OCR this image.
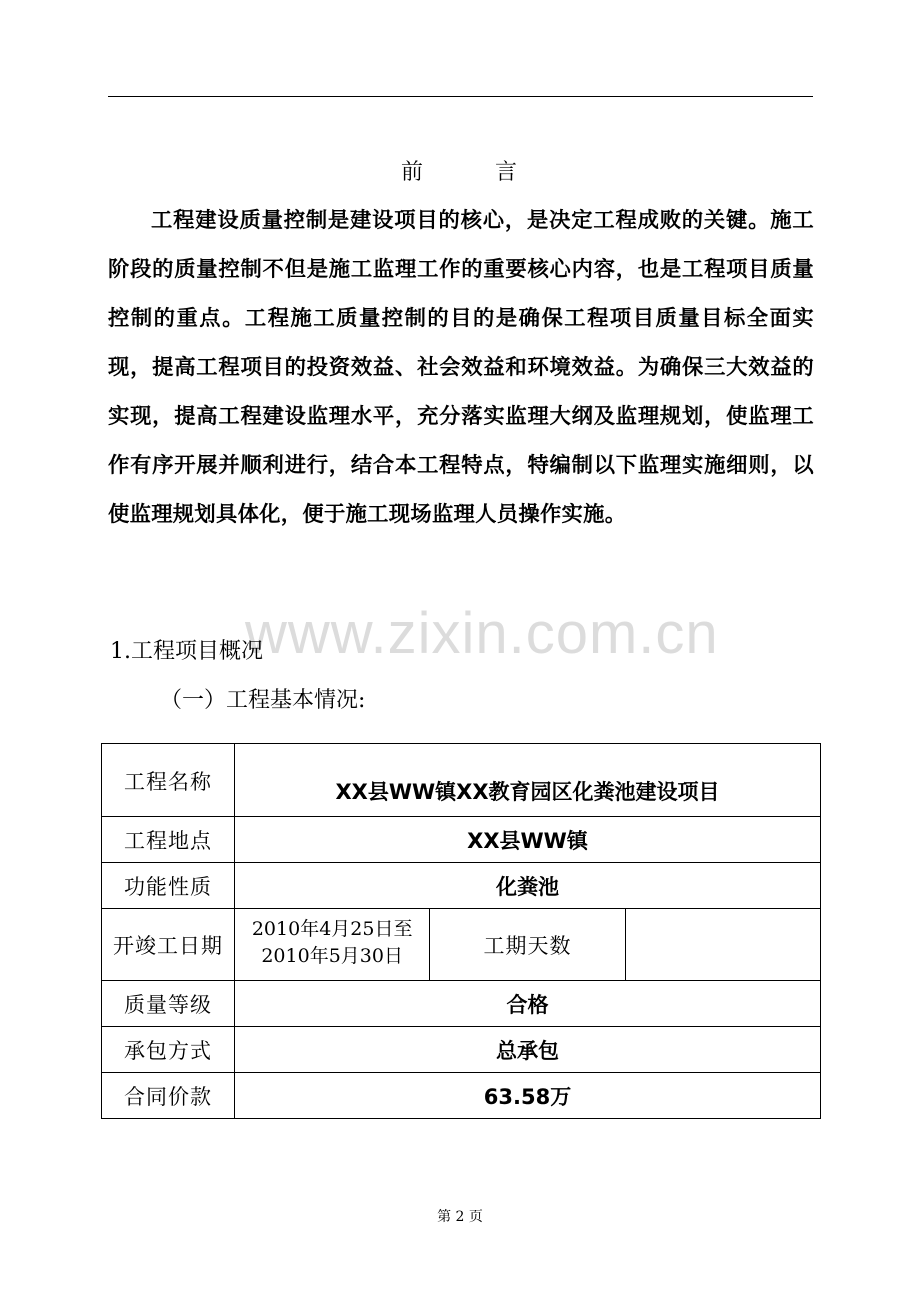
前	言
工程建设质量控制是建设项目的核心，是决定工程成败的关键。施工阶段的质量控制不但是施工监理工作的重要核心内容，也是工程项目质量控制的重点。工程施工质量控制的目的是确保工程项目质量目标全面实现，提高工程项目的投资效益、社会效益和环境效益。为确保三大效益的实现，提高工程建设监理水平，充分落实监理大纲及监理规划，使监理工作有序开展并顺利进行，结合本工程特点，特编制以下监理实施细则，以使监理规划具体化，便于施工现场监理人员操作实施。
www.zixin.com.cn
1.工程项目概况
（一）工程基本情况:
工程名称	XX县WW镇XX教育园区化粪池建设项目		
工程地点	XX县WW镇		
功能性质	化粪池		
开竣工日期	2010年4月25日至2010年5月30日	工期天数	
质量等级	合格		
承包方式	总承包		
合同价款	63.58万		
第 2 页
